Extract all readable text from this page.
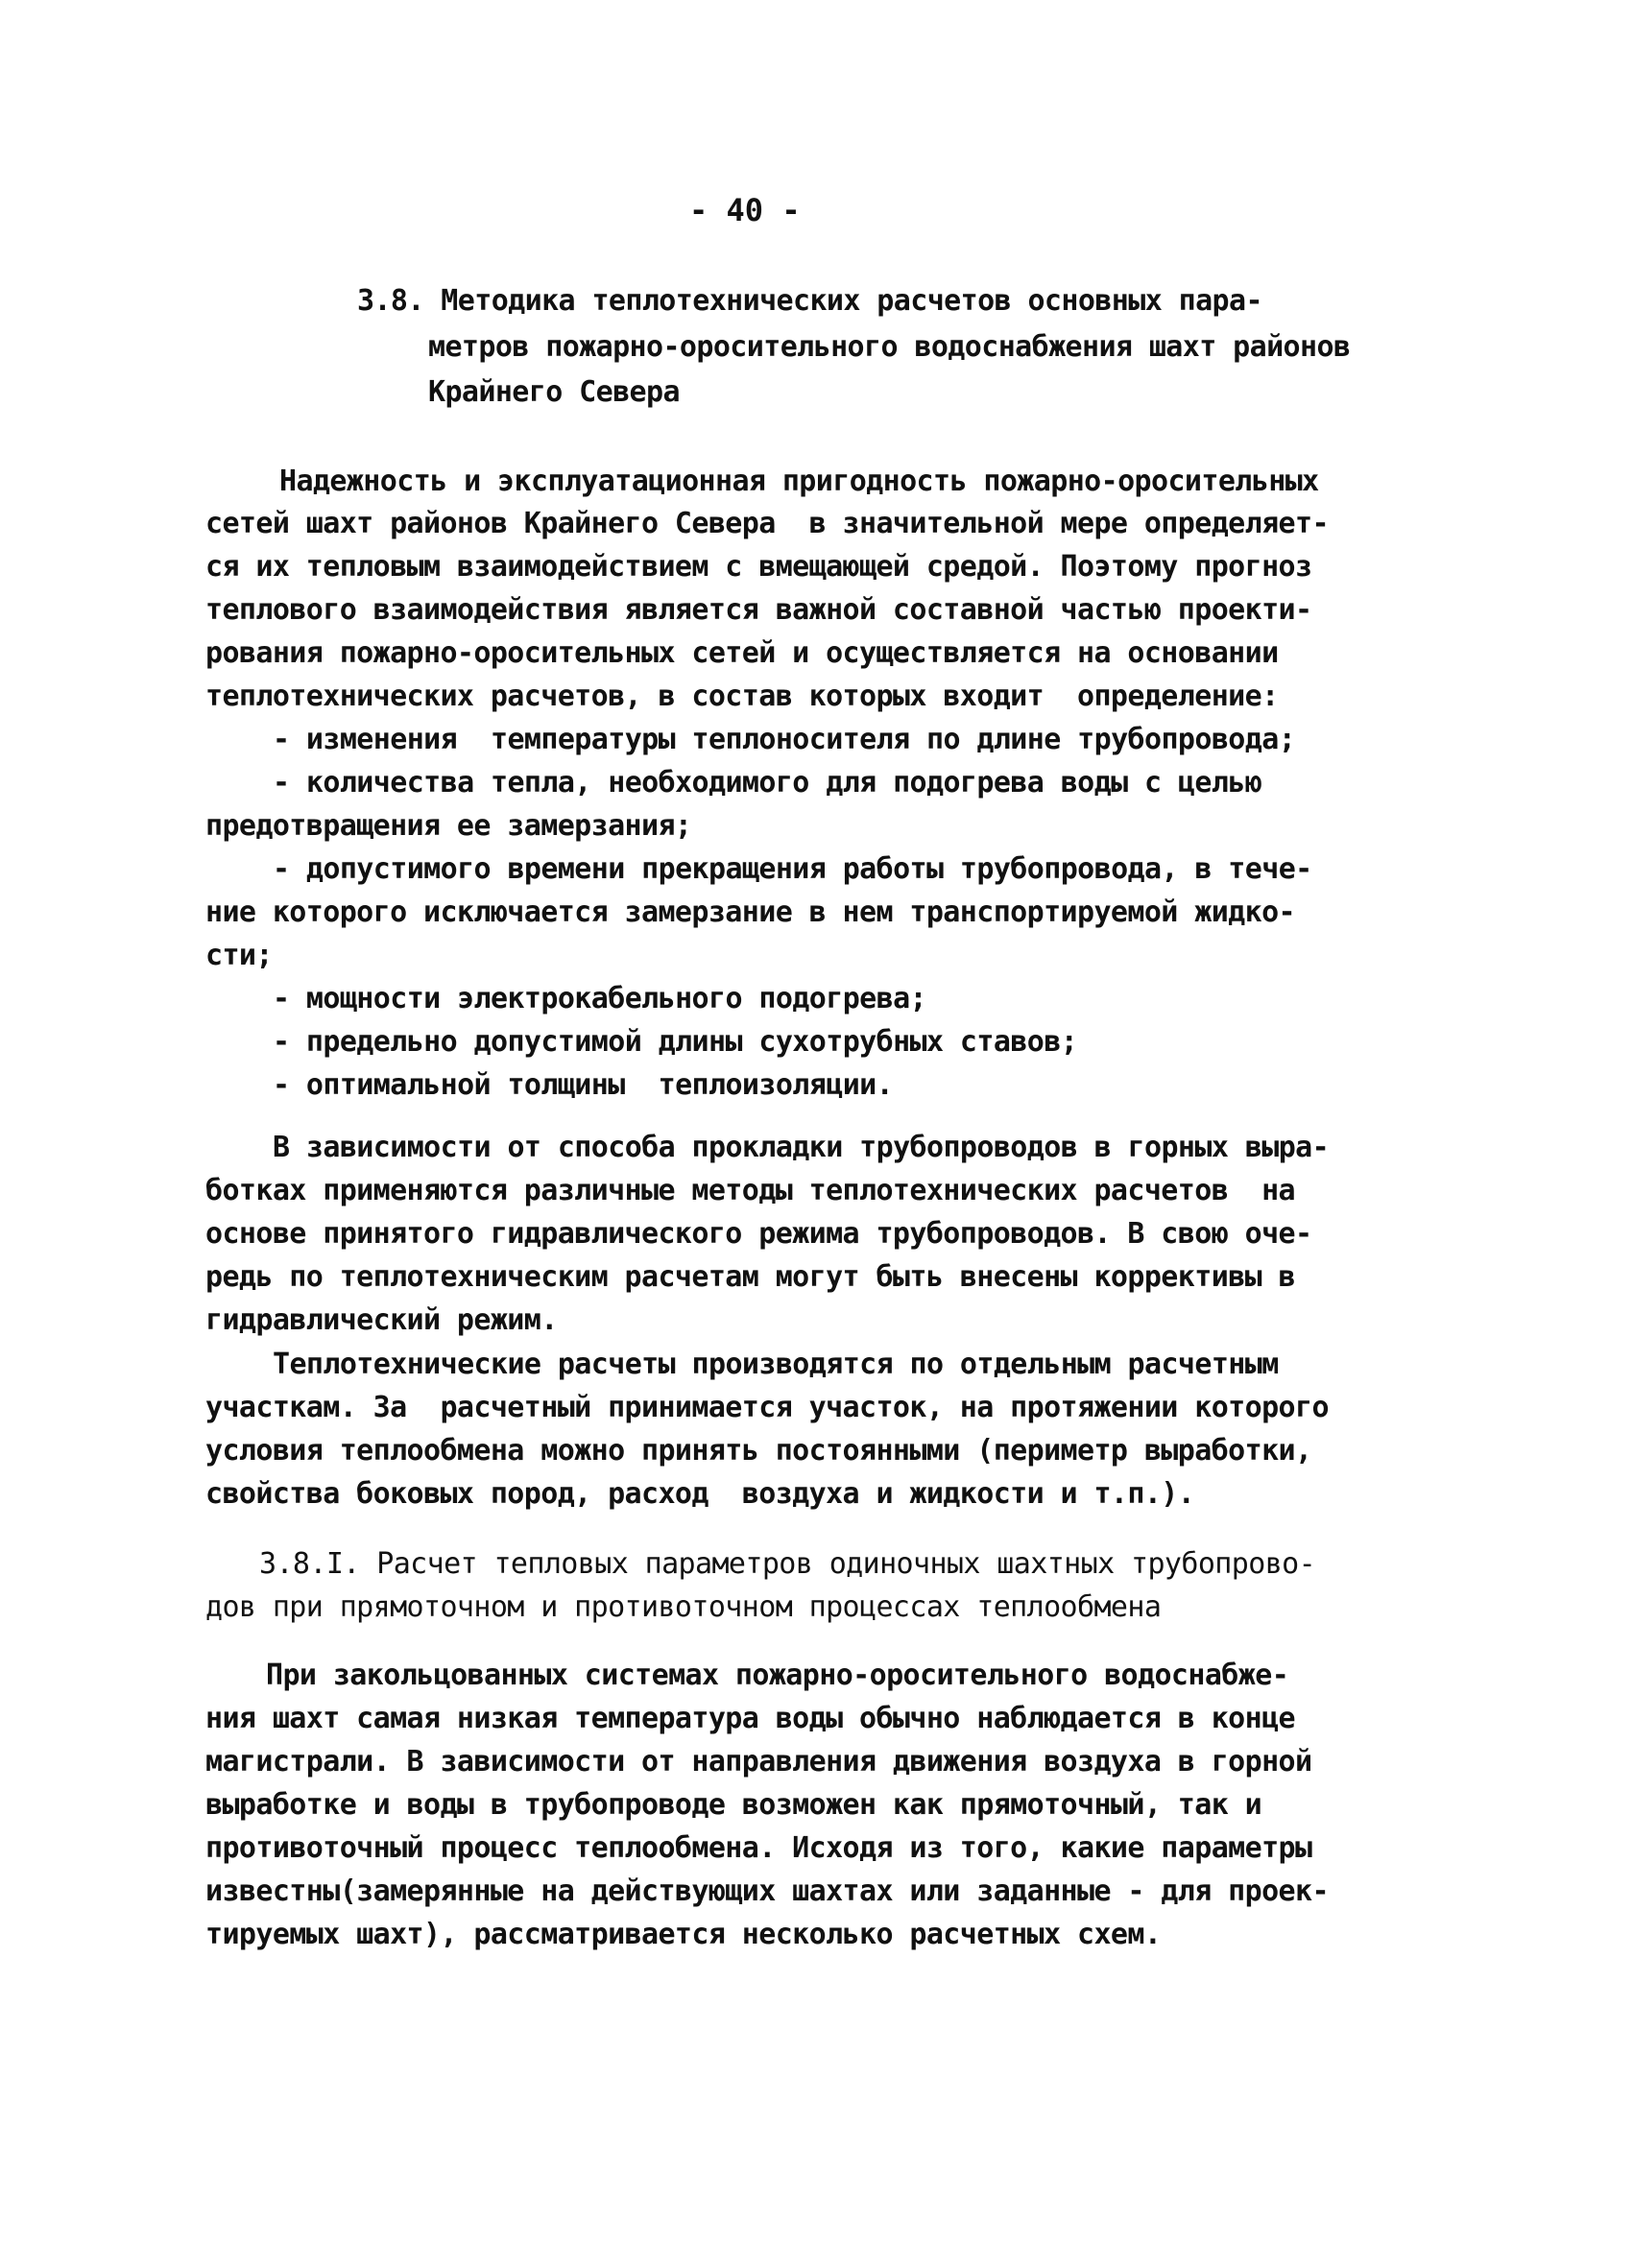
- 40 -
3.8. Методика теплотехнических расчетов основных пара-
метров пожарно-оросительного водоснабжения шахт районов
Крайнего Севера
Надежность и эксплуатационная пригодность пожарно-оросительных
сетей шахт районов Крайнего Севера  в значительной мере определяет-
ся их тепловым взаимодействием с вмещающей средой. Поэтому прогноз
теплового взаимодействия является важной составной частью проекти-
рования пожарно-оросительных сетей и осуществляется на основании
теплотехнических расчетов, в состав которых входит  определение:
- изменения  температуры теплоносителя по длине трубопровода;
- количества тепла, необходимого для подогрева воды с целью
предотвращения ее замерзания;
- допустимого времени прекращения работы трубопровода, в тече-
ние которого исключается замерзание в нем транспортируемой жидко-
сти;
- мощности электрокабельного подогрева;
- предельно допустимой длины сухотрубных ставов;
- оптимальной толщины  теплоизоляции.
В зависимости от способа прокладки трубопроводов в горных выра-
ботках применяются различные методы теплотехнических расчетов  на
основе принятого гидравлического режима трубопроводов. В свою оче-
редь по теплотехническим расчетам могут быть внесены коррективы в
гидравлический режим.
Теплотехнические расчеты производятся по отдельным расчетным
участкам. За  расчетный принимается участок, на протяжении которого
условия теплообмена можно принять постоянными (периметр выработки,
свойства боковых пород, расход  воздуха и жидкости и т.п.).
3.8.I. Расчет тепловых параметров одиночных шахтных трубопрово-
дов при прямоточном и противоточном процессах теплообмена
При закольцованных системах пожарно-оросительного водоснабже-
ния шахт самая низкая температура воды обычно наблюдается в конце
магистрали. В зависимости от направления движения воздуха в горной
выработке и воды в трубопроводе возможен как прямоточный, так и
противоточный процесс теплообмена. Исходя из того, какие параметры
известны(замерянные на действующих шахтах или заданные - для проек-
тируемых шахт), рассматривается несколько расчетных схем.
